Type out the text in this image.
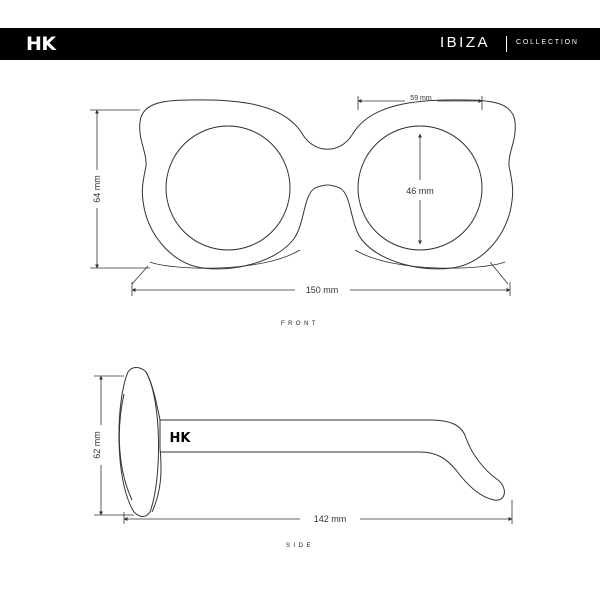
HK	IBIZA	COLLECTION
59 mm
46 mm
64 mm
150 mm
HK
62 mm
142 mm
FRONT
SIDE
